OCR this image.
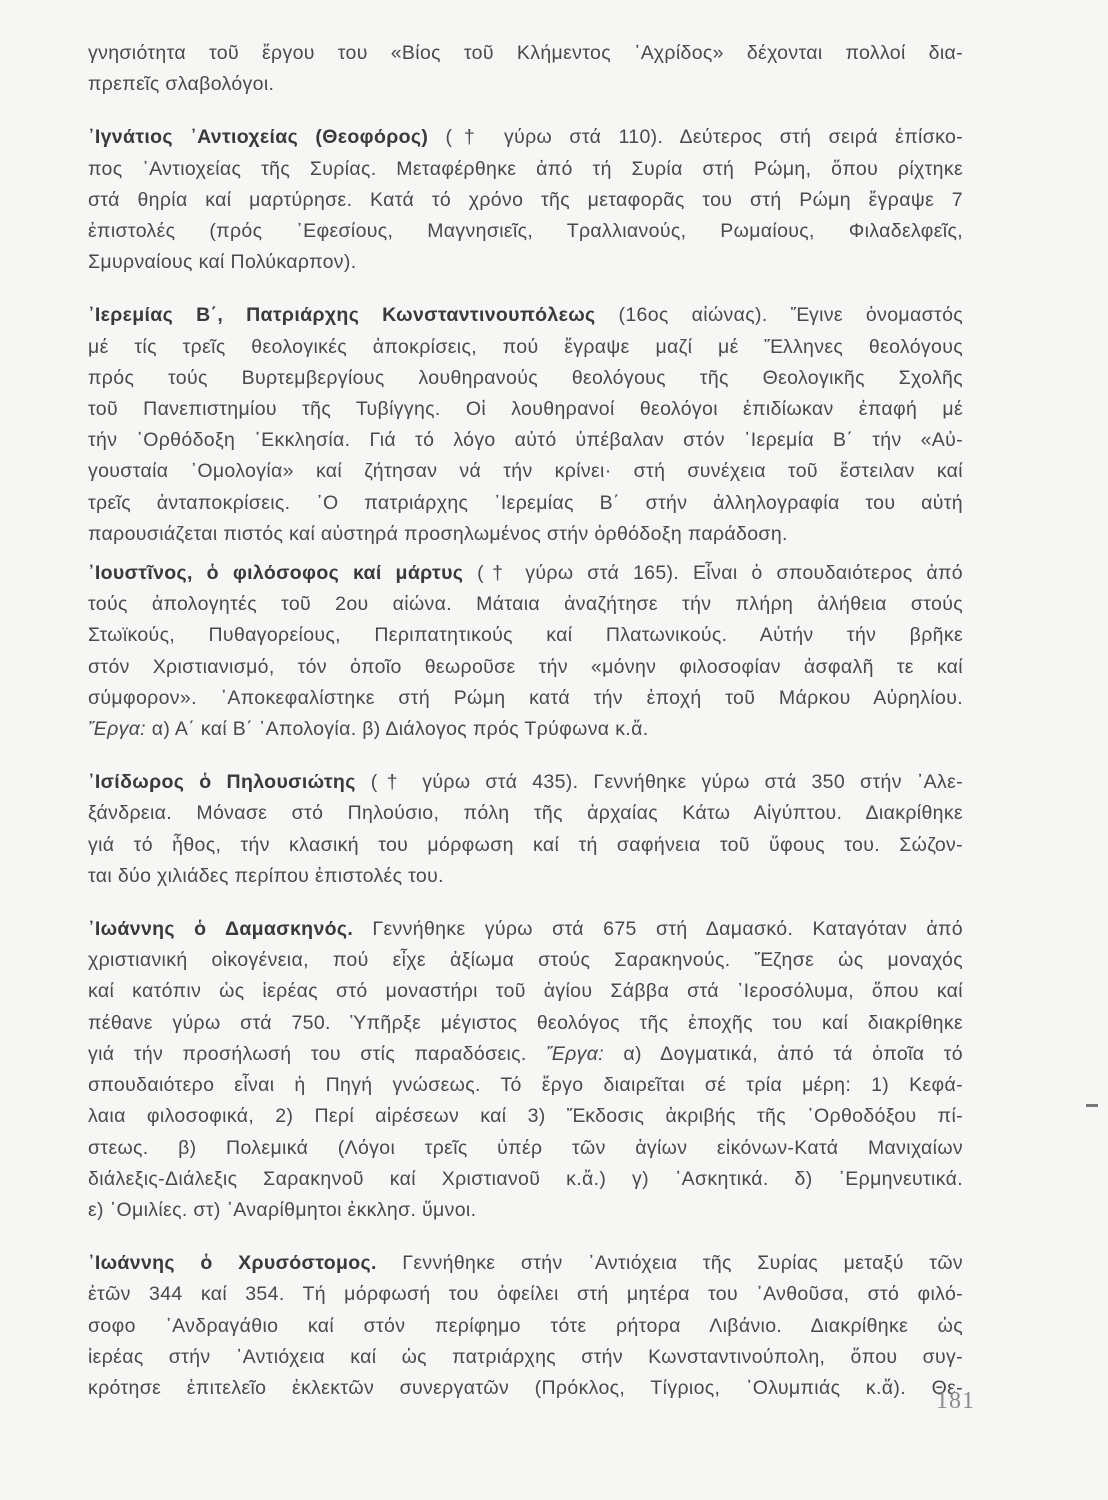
γνησιότητα τοῦ ἔργου του «Βίος τοῦ Κλήμεντος ᾿Αχρίδος» δέχονται πολλοί δια-
πρεπεῖς σλαβολόγοι.
᾿Ιγνάτιος ᾿Αντιοχείας (Θεοφόρος) († γύρω στά 110). Δεύτερος στή σειρά ἐπίσκο-
πος ᾿Αντιοχείας τῆς Συρίας. Μεταφέρθηκε ἀπό τή Συρία στή Ρώμη, ὅπου ρίχτηκε
στά θηρία καί μαρτύρησε. Κατά τό χρόνο τῆς μεταφορᾶς του στή Ρώμη ἔγραψε 7
ἐπιστολές (πρός ᾿Εφεσίους, Μαγνησιεῖς, Τραλλιανούς, Ρωμαίους, Φιλαδελφεῖς,
Σμυρναίους καί Πολύκαρπον).
᾿Ιερεμίας Β΄, Πατριάρχης Κωνσταντινουπόλεως (16ος αἰώνας). Ἔγινε ὀνομαστός
μέ τίς τρεῖς θεολογικές ἀποκρίσεις, πού ἔγραψε μαζί μέ Ἕλληνες θεολόγους
πρός τούς Βυρτεμβεργίους λουθηρανούς θεολόγους τῆς Θεολογικῆς Σχολῆς
τοῦ Πανεπιστημίου τῆς Τυβίγγης. Οἱ λουθηρανοί θεολόγοι ἐπιδίωκαν ἐπαφή μέ
τήν ᾿Ορθόδοξη ᾿Εκκλησία. Γιά τό λόγο αὐτό ὑπέβαλαν στόν ᾿Ιερεμία Β΄ τήν «Αὐ-
γουσταία ᾿Ομολογία» καί ζήτησαν νά τήν κρίνει· στή συνέχεια τοῦ ἔστειλαν καί
τρεῖς ἀνταποκρίσεις. ᾿Ο πατριάρχης ᾿Ιερεμίας Β΄ στήν ἀλληλογραφία του αὐτή
παρουσιάζεται πιστός καί αὐστηρά προσηλωμένος στήν ὀρθόδοξη παράδοση.
᾿Ιουστῖνος, ὁ φιλόσοφος καί μάρτυς († γύρω στά 165). Εἶναι ὁ σπουδαιότερος ἀπό
τούς ἀπολογητές τοῦ 2ου αἰώνα. Μάταια ἀναζήτησε τήν πλήρη ἀλήθεια στούς
Στωϊκούς, Πυθαγορείους, Περιπατητικούς καί Πλατωνικούς. Αὐτήν τήν βρῆκε
στόν Χριστιανισμό, τόν ὁποῖο θεωροῦσε τήν «μόνην φιλοσοφίαν ἀσφαλῆ τε καί
σύμφορον». ᾿Αποκεφαλίστηκε στή Ρώμη κατά τήν ἐποχή τοῦ Μάρκου Αὐρηλίου.
Ἔργα: α) Α΄ καί Β΄ ᾿Απολογία. β) Διάλογος πρός Τρύφωνα κ.ἄ.
᾿Ισίδωρος ὁ Πηλουσιώτης († γύρω στά 435). Γεννήθηκε γύρω στά 350 στήν ᾿Αλε-
ξάνδρεια. Μόνασε στό Πηλούσιο, πόλη τῆς ἀρχαίας Κάτω Αἰγύπτου. Διακρίθηκε
γιά τό ἦθος, τήν κλασική του μόρφωση καί τή σαφήνεια τοῦ ὕφους του. Σώζον-
ται δύο χιλιάδες περίπου ἐπιστολές του.
᾿Ιωάννης ὁ Δαμασκηνός. Γεννήθηκε γύρω στά 675 στή Δαμασκό. Καταγόταν ἀπό
χριστιανική οἰκογένεια, πού εἶχε ἀξίωμα στούς Σαρακηνούς. Ἔζησε ὡς μοναχός
καί κατόπιν ὡς ἱερέας στό μοναστήρι τοῦ ἁγίου Σάββα στά ᾿Ιεροσόλυμα, ὅπου καί
πέθανε γύρω στά 750. Ὑπῆρξε μέγιστος θεολόγος τῆς ἐποχῆς του καί διακρίθηκε
γιά τήν προσήλωσή του στίς παραδόσεις. Ἔργα: α) Δογματικά, ἀπό τά ὁποῖα τό
σπουδαιότερο εἶναι ἡ Πηγή γνώσεως. Τό ἔργο διαιρεῖται σέ τρία μέρη: 1) Κεφά-
λαια φιλοσοφικά, 2) Περί αἱρέσεων καί 3) Ἔκδοσις ἀκριβής τῆς ᾿Ορθοδόξου πί-
στεως. β) Πολεμικά (Λόγοι τρεῖς ὑπέρ τῶν ἁγίων εἰκόνων-Κατά Μανιχαίων
διάλεξις-Διάλεξις Σαρακηνοῦ καί Χριστιανοῦ κ.ἄ.) γ) ᾿Ασκητικά. δ) ᾿Ερμηνευτικά.
ε) ᾿Ομιλίες. στ) ᾿Αναρίθμητοι ἐκκλησ. ὕμνοι.
᾿Ιωάννης ὁ Χρυσόστομος. Γεννήθηκε στήν ᾿Αντιόχεια τῆς Συρίας μεταξύ τῶν
ἐτῶν 344 καί 354. Τή μόρφωσή του ὀφείλει στή μητέρα του ᾿Ανθοῦσα, στό φιλό-
σοφο ᾿Ανδραγάθιο καί στόν περίφημο τότε ρήτορα Λιβάνιο. Διακρίθηκε ὡς
ἱερέας στήν ᾿Αντιόχεια καί ὡς πατριάρχης στήν Κωνσταντινούπολη, ὅπου συγ-
κρότησε ἐπιτελεῖο ἐκλεκτῶν συνεργατῶν (Πρόκλος, Τίγριος, ᾿Ολυμπιάς κ.ἄ). Θε-
181
